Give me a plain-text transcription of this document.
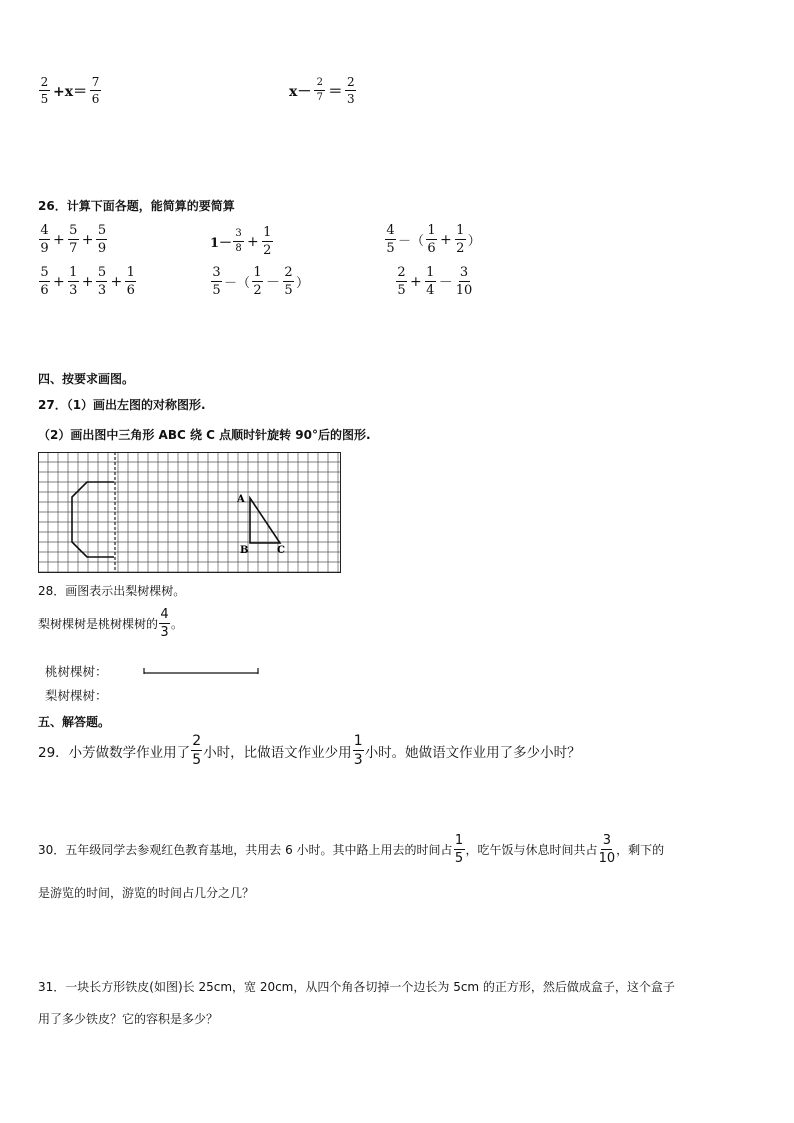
$\frac{2}{5} +x= \frac{7}{6}$	$x- \frac{2}{7} = \frac{2}{3}$
26．计算下面各题，能简算的要简算
$\frac{4}{9} + \frac{5}{7} + \frac{5}{9}$	$1- \frac{3}{8} + \frac{1}{2}$	$\frac{4}{5}$ －（ $\frac{1}{6} + \frac{1}{2}$ ）
$\frac{5}{6} + \frac{1}{3} + \frac{5}{3} + \frac{1}{6}$	$\frac{3}{5}$ －（ $\frac{1}{2} - \frac{2}{5}$ ）	$\frac{2}{5} + \frac{1}{4} - \frac{3}{10}$
四、按要求画图。
27．（1）画出左图的对称图形.
（2）画出图中三角形 ABC 绕 C 点顺时针旋转 90°后的图形.
A
B	C
28．画图表示出梨树棵树。
梨树棵树是桃树棵树的 $\frac{4}{3}$ 。
桃树棵树：
梨树棵树：
五、解答题。
29．小芳做数学作业用了 $\frac{2}{5}$ 小时，比做语文作业少用 $\frac{1}{3}$ 小时。她做语文作业用了多少小时？
30．五年级同学去参观红色教育基地，共用去 6 小时。其中路上用去的时间占 $\frac{1}{5}$ ，吃午饭与休息时间共占 $\frac{3}{10}$ ，剩下的
是游览的时间，游览的时间占几分之几？
31．一块长方形铁皮(如图)长 25cm，宽 20cm，从四个角各切掉一个边长为 5cm 的正方形，然后做成盒子，这个盒子
用了多少铁皮？它的容积是多少？
